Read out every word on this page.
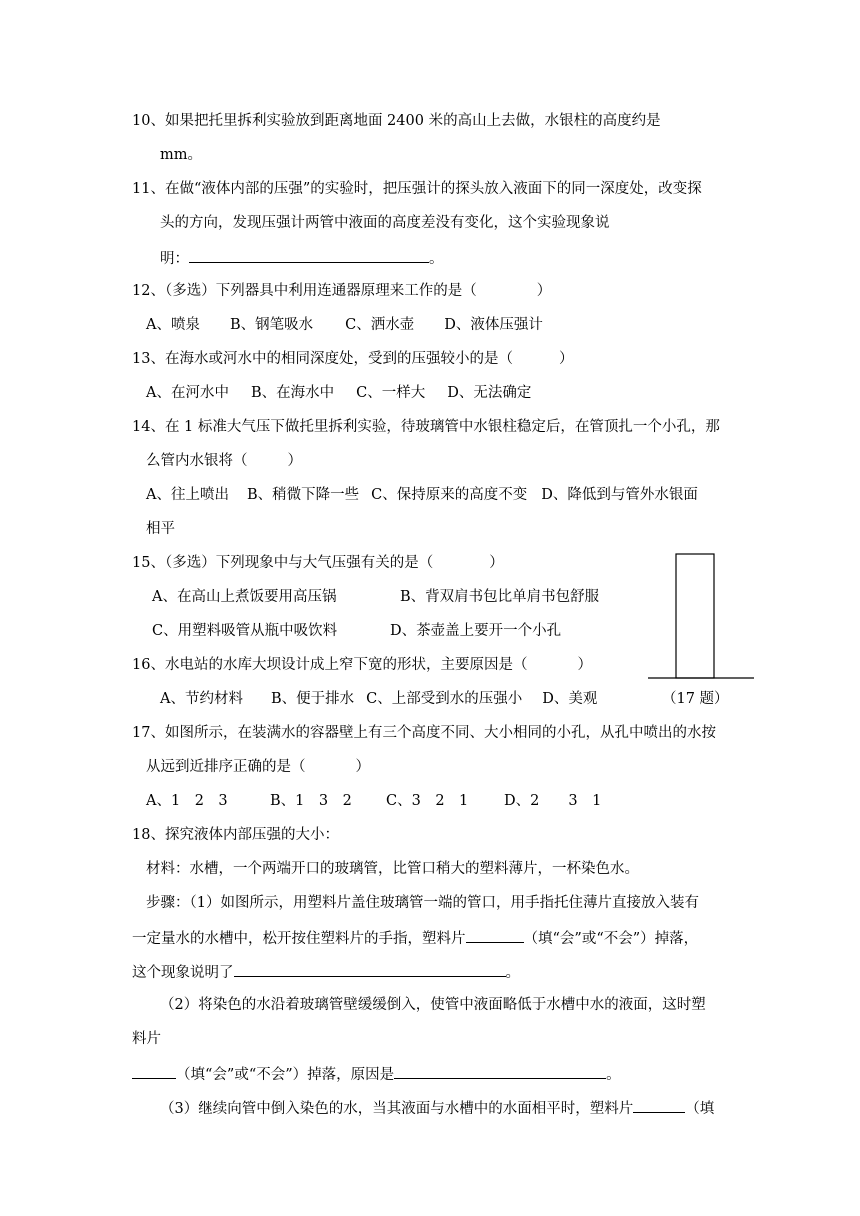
10、如果把托里拆利实验放到距离地面 2400 米的高山上去做，水银柱的高度约是
mm。
11、在做“液体内部的压强”的实验时，把压强计的探头放入液面下的同一深度处，改变探
头的方向，发现压强计两管中液面的高度差没有变化，这个实验现象说
明：	。
12、（多选）下列器具中利用连通器原理来工作的是（	）
A、喷泉 B、钢笔吸水 C、洒水壶 D、液体压强计
13、在海水或河水中的相同深度处，受到的压强较小的是（	）
A、在河水中 B、在海水中 C、一样大 D、无法确定
14、在 1 标准大气压下做托里拆利实验，待玻璃管中水银柱稳定后，在管顶扎一个小孔，那
么管内水银将（	）
A、往上喷出 B、稍微下降一些 C、保持原来的高度不变 D、降低到与管外水银面
相平
15、（多选）下列现象中与大气压强有关的是（	）
A、在高山上煮饭要用高压锅	B、背双肩书包比单肩书包舒服
C、用塑料吸管从瓶中吸饮料	D、茶壶盖上要开一个小孔
16、水电站的水库大坝设计成上窄下宽的形状，主要原因是（	）
A、节约材料 B、便于排水 C、上部受到水的压强小 D、美观	（17 题）
17、如图所示，在装满水的容器壁上有三个高度不同、大小相同的小孔，从孔中喷出的水按
从远到近排序正确的是（	）
A、1　2　3	B、1　3　2 C、3　2　1 D、2　　3　1
18、探究液体内部压强的大小：
材料：水槽，一个两端开口的玻璃管，比管口稍大的塑料薄片，一杯染色水。
步骤：（1）如图所示，用塑料片盖住玻璃管一端的管口，用手指托住薄片直接放入装有
一定量水的水槽中，松开按住塑料片的手指，塑料片	（填“会”或“不会”）掉落，
这个现象说明了	。
（2）将染色的水沿着玻璃管壁缓缓倒入，使管中液面略低于水槽中水的液面，这时塑
料片
（填“会”或“不会”）掉落，原因是	。
（3）继续向管中倒入染色的水，当其液面与水槽中的水面相平时，塑料片	（填
